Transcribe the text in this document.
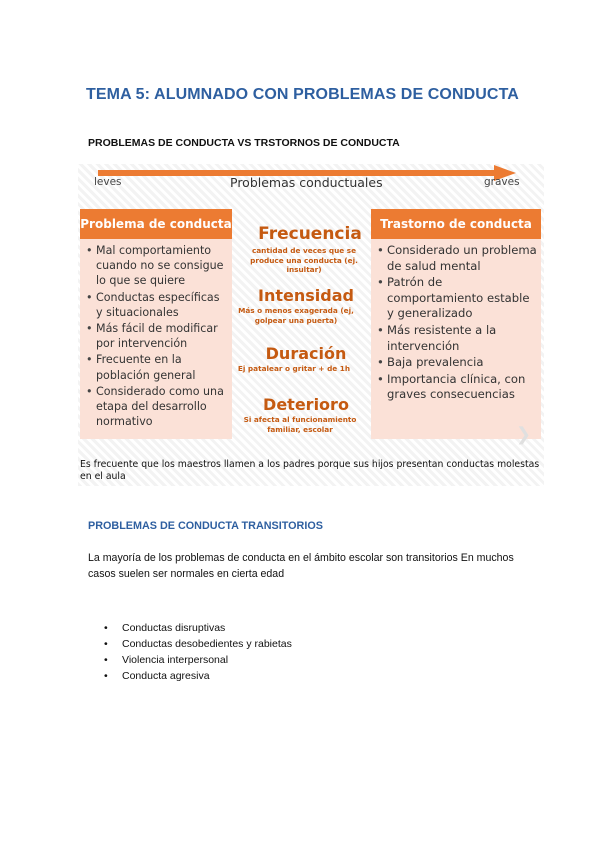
TEMA 5: ALUMNADO CON PROBLEMAS DE CONDUCTA
PROBLEMAS DE CONDUCTA VS TRSTORNOS DE CONDUCTA
leves	Problemas conductuales	graves
Problema de conducta
• Mal comportamiento cuando no se consigue lo que se quiere
• Conductas específicas y situacionales
• Más fácil de modificar por intervención
• Frecuente en la población general
• Considerado como una etapa del desarrollo normativo
Frecuencia
cantidad de veces que se produce una conducta (ej. insultar)
Intensidad
Más o menos exagerada (ej, golpear una puerta)
Duración
Ej patalear o gritar + de 1h
Deterioro
Si afecta al funcionamiento familiar, escolar
Trastorno de conducta
• Considerado un problema de salud mental
• Patrón de comportamiento estable y generalizado
• Más resistente a la intervención
• Baja prevalencia
• Importancia clínica, con graves consecuencias
❯
Es frecuente que los maestros llamen a los padres porque sus hijos presentan conductas molestas en el aula
PROBLEMAS DE CONDUCTA TRANSITORIOS
La mayoría de los problemas de conducta en el ámbito escolar son transitorios En muchos casos suelen ser normales en cierta edad
• Conductas disruptivas
• Conductas desobedientes y rabietas
• Violencia interpersonal
• Conducta agresiva
